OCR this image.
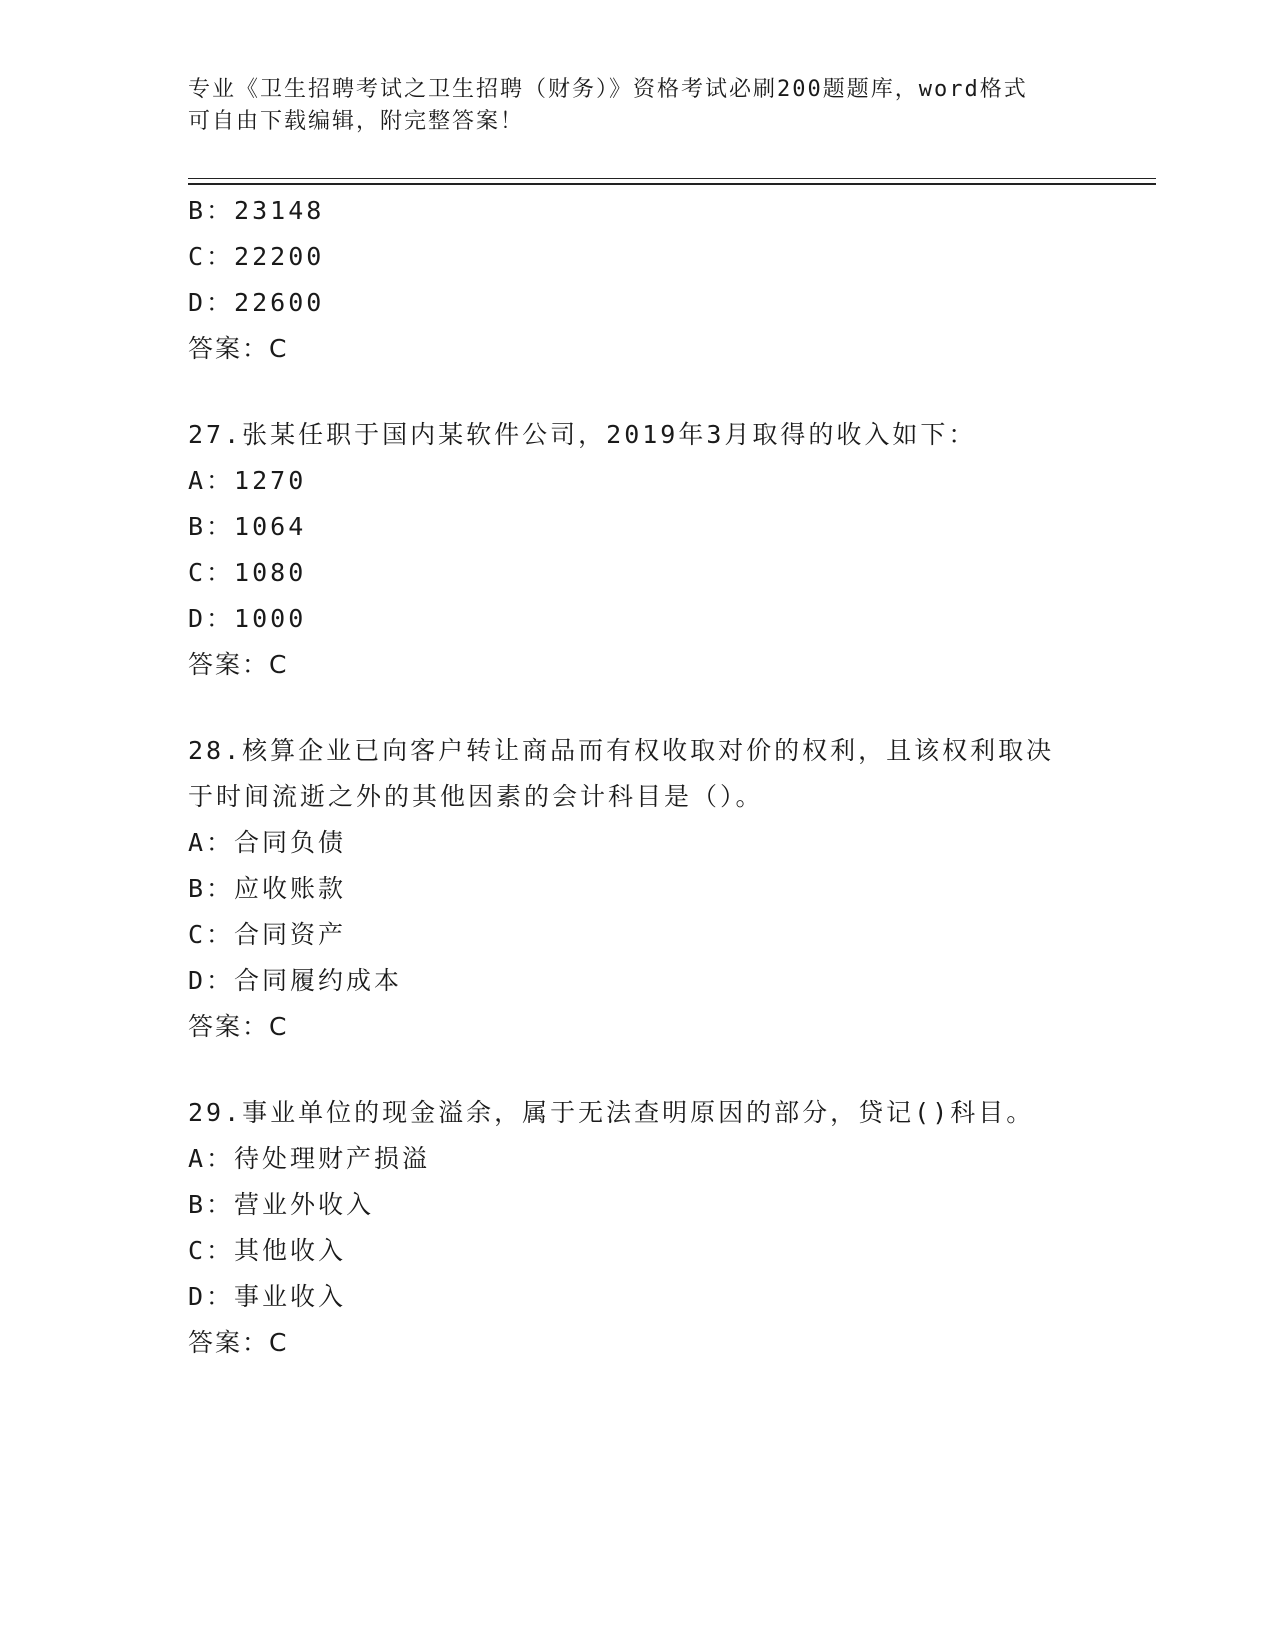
专业《卫生招聘考试之卫生招聘（财务）》资格考试必刷200题题库，word格式

可自由下载编辑，附完整答案！

B：23148
C：22200
D：22600
答案：C
27.张某任职于国内某软件公司，2019年3月取得的收入如下：
A：1270
B：1064
C：1080
D：1000
答案：C
28.核算企业已向客户转让商品而有权收取对价的权利，且该权利取决
于时间流逝之外的其他因素的会计科目是（）。
A：合同负债
B：应收账款
C：合同资产
D：合同履约成本
答案：C
29.事业单位的现金溢余，属于无法查明原因的部分，贷记()科目。
A：待处理财产损溢
B：营业外收入
C：其他收入
D：事业收入
答案：C
